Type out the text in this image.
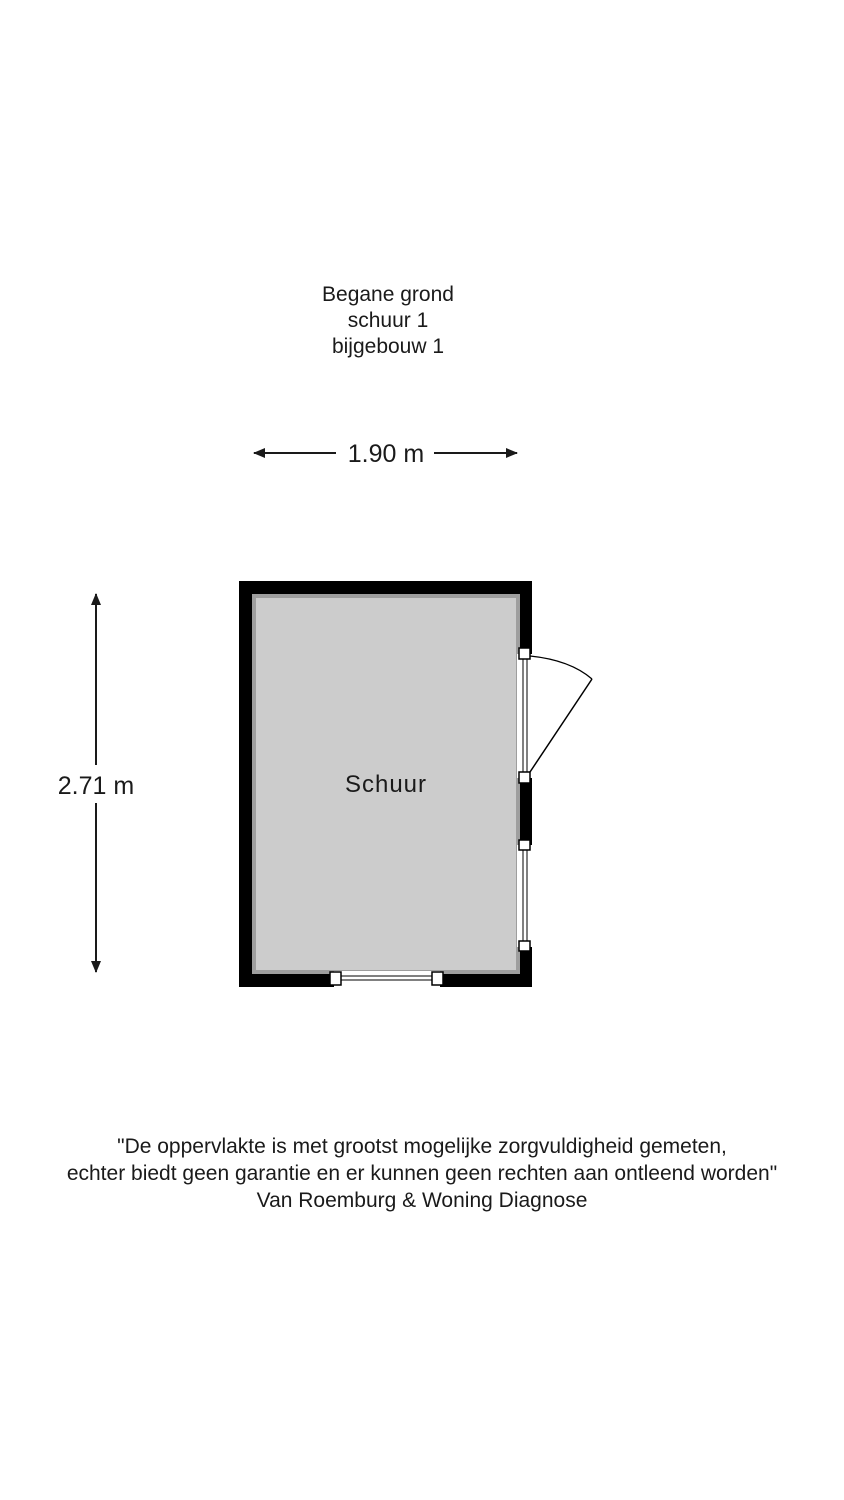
Begane grond
schuur 1
bijgebouw 1
1.90 m
2.71 m	Schuur
"De oppervlakte is met grootst mogelijke zorgvuldigheid gemeten,
echter biedt geen garantie en er kunnen geen rechten aan ontleend worden"
Van Roemburg & Woning Diagnose
